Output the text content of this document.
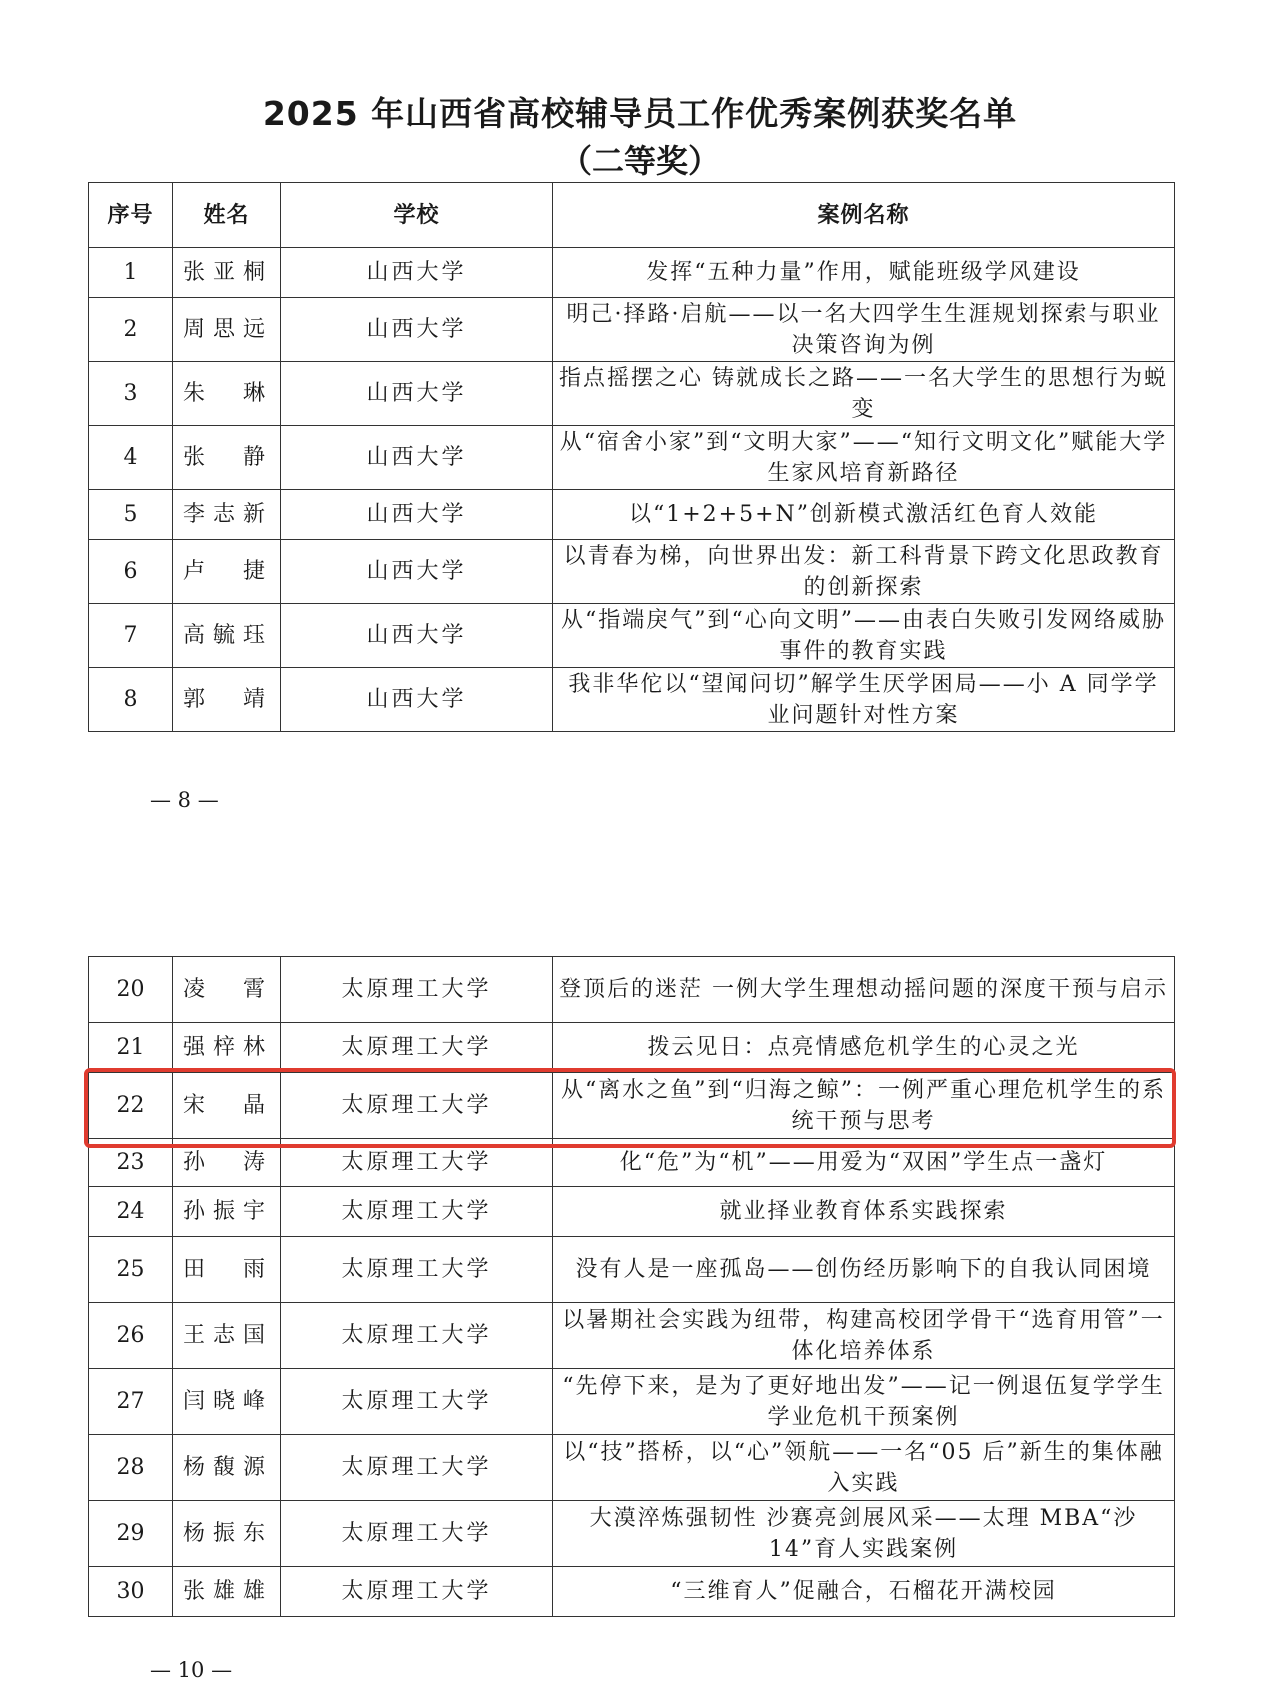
2025 年山西省高校辅导员工作优秀案例获奖名单
（二等奖）
序号	姓名	学校	案例名称
1	张亚桐	山西大学	发挥“五种力量”作用，赋能班级学风建设
2	周思远	山西大学	明己·择路·启航——以一名大四学生生涯规划探索与职业决策咨询为例
3	朱琳	山西大学	指点摇摆之心 铸就成长之路——一名大学生的思想行为蜕变
4	张静	山西大学	从“宿舍小家”到“文明大家”——“知行文明文化”赋能大学生家风培育新路径
5	李志新	山西大学	以“1+2+5+N”创新模式激活红色育人效能
6	卢捷	山西大学	以青春为梯，向世界出发：新工科背景下跨文化思政教育的创新探索
7	高毓珏	山西大学	从“指端戾气”到“心向文明”——由表白失败引发网络威胁事件的教育实践
8	郭靖	山西大学	我非华佗以“望闻问切”解学生厌学困局——小 A 同学学业问题针对性方案
— 8 —
20	凌霄	太原理工大学	登顶后的迷茫 一例大学生理想动摇问题的深度干预与启示
21	强梓林	太原理工大学	拨云见日：点亮情感危机学生的心灵之光
22	宋晶	太原理工大学	从“离水之鱼”到“归海之鲸”：一例严重心理危机学生的系统干预与思考
23	孙涛	太原理工大学	化“危”为“机”——用爱为“双困”学生点一盏灯
24	孙振宇	太原理工大学	就业择业教育体系实践探索
25	田雨	太原理工大学	没有人是一座孤岛——创伤经历影响下的自我认同困境
26	王志国	太原理工大学	以暑期社会实践为纽带，构建高校团学骨干“选育用管”一体化培养体系
27	闫晓峰	太原理工大学	“先停下来，是为了更好地出发”——记一例退伍复学学生学业危机干预案例
28	杨馥源	太原理工大学	以“技”搭桥，以“心”领航——一名“05 后”新生的集体融入实践
29	杨振东	太原理工大学	大漠淬炼强韧性 沙赛亮剑展风采——太理 MBA“沙 14”育人实践案例
30	张雄雄	太原理工大学	“三维育人”促融合，石榴花开满校园
— 10 —
